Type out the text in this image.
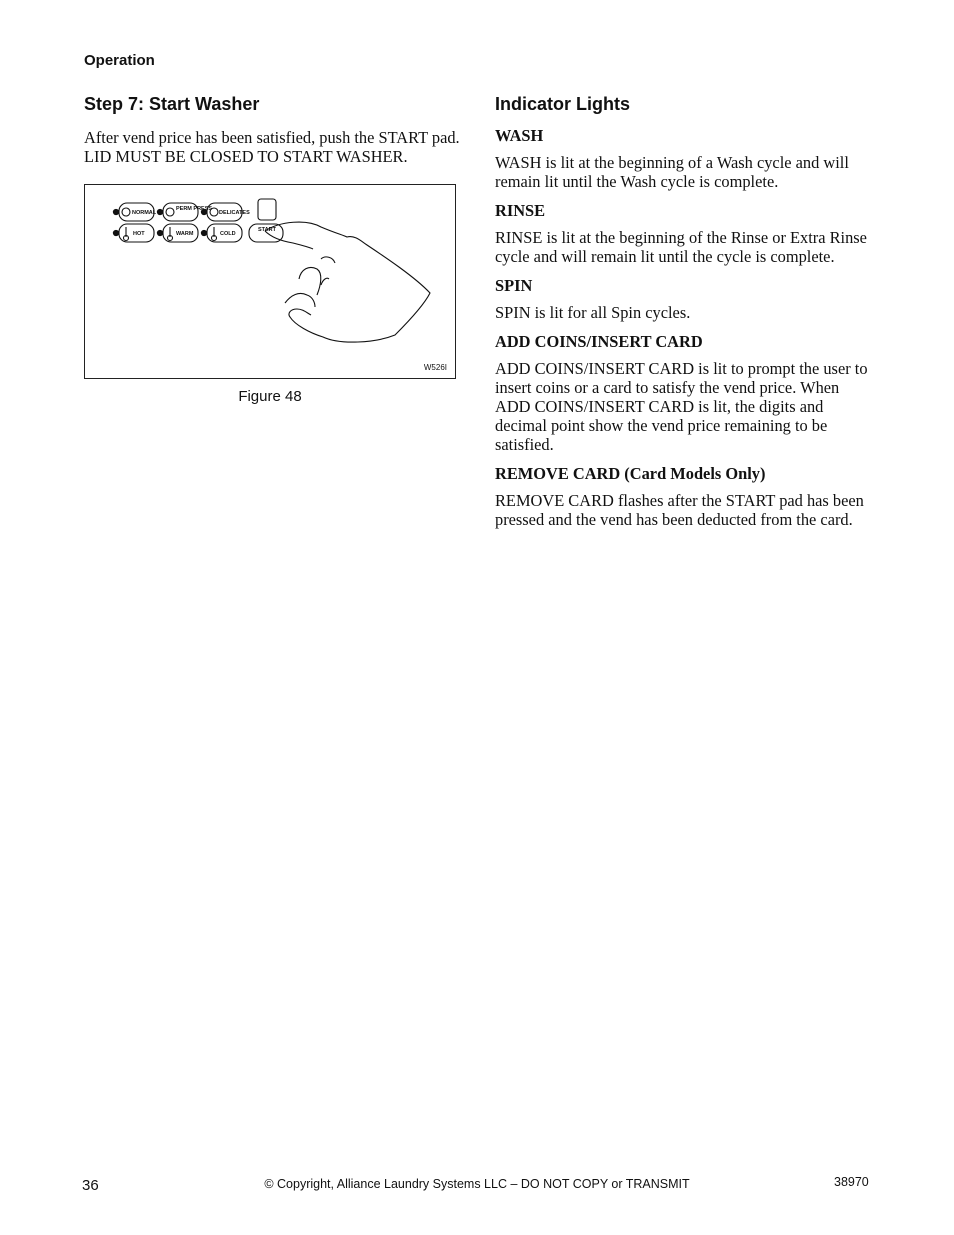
Operation
Step 7: Start Washer

After vend price has been satisfied, push the START pad. LID MUST BE CLOSED TO START WASHER.

NORMAL
PERM PRESS
DELICATES
HOT	WARM	COLD
START
W526I
Figure 48
Indicator Lights
WASH

WASH is lit at the beginning of a Wash cycle and will remain lit until the Wash cycle is complete.

RINSE

RINSE is lit at the beginning of the Rinse or Extra Rinse cycle and will remain lit until the cycle is complete.

SPIN

SPIN is lit for all Spin cycles.

ADD COINS/INSERT CARD

ADD COINS/INSERT CARD is lit to prompt the user to insert coins or a card to satisfy the vend price. When ADD COINS/INSERT CARD is lit, the digits and decimal point show the vend price remaining to be satisfied.

REMOVE CARD (Card Models Only)

REMOVE CARD flashes after the START pad has been pressed and the vend has been deducted from the card.

36	© Copyright, Alliance Laundry Systems LLC – DO NOT COPY or TRANSMIT	38970
